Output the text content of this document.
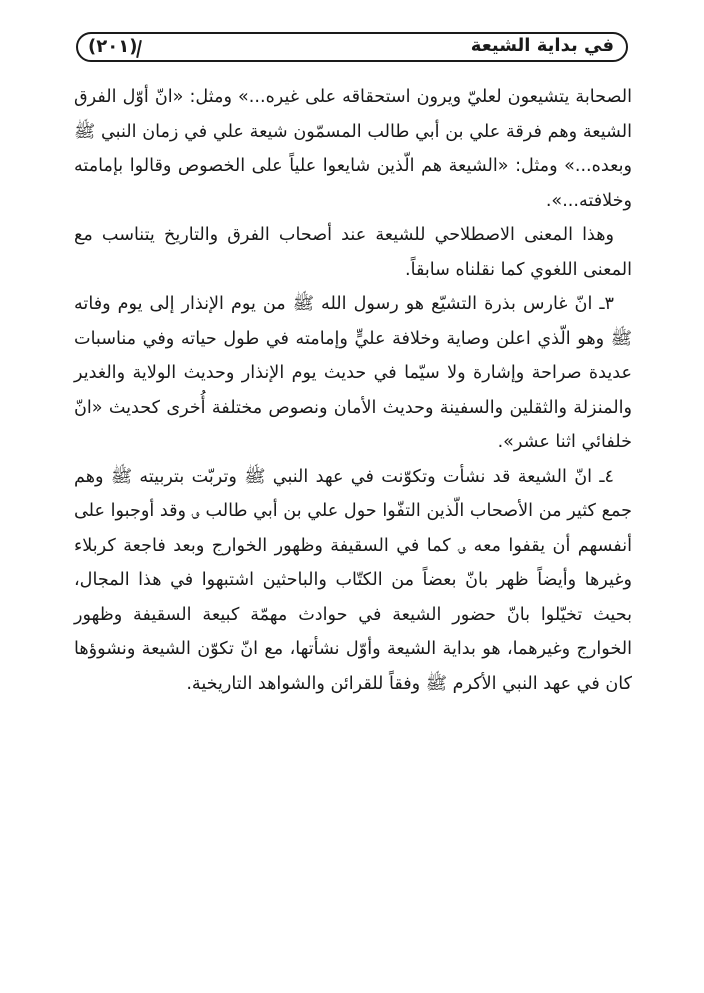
في بداية الشيعة
(٢٠١)

الصحابة يتشيعون لعليّ ويرون استحقاقه على غيره...» ومثل: «انّ أوّل الفرق الشيعة وهم فرقة علي بن أبي طالب المسمّون شيعة علي في زمان النبي ﷺ وبعده...» ومثل: «الشيعة هم الّذين شايعوا علياً على الخصوص وقالوا بإمامته وخلافته...».

وهذا المعنى الاصطلاحي للشيعة عند أصحاب الفرق والتاريخ يتناسب مع المعنى اللغوي كما نقلناه سابقاً.

٣ـ انّ غارس بذرة التشيّع هو رسول الله ﷺ من يوم الإنذار إلى يوم وفاته ﷺ وهو الّذي اعلن وصاية وخلافة عليٍّ وإمامته في طول حياته وفي مناسبات عديدة صراحة وإشارة ولا سيّما في حديث يوم الإنذار وحديث الولاية والغدير والمنزلة والثقلين والسفينة وحديث الأمان ونصوص مختلفة أُخرى كحديث «انّ خلفائي اثنا عشر».

٤ـ انّ الشيعة قد نشأت وتكوّنت في عهد النبي ﷺ وتربّت بتربيته ﷺ وهم جمع كثير من الأصحاب الّذين التفّوا حول علي بن أبي طالب ؈ وقد أوجبوا على أنفسهم أن يقفوا معه ؈ كما في السقيفة وظهور الخوارج وبعد فاجعة كربلاء وغيرها وأيضاً ظهر بانّ بعضاً من الكتّاب والباحثين اشتبهوا في هذا المجال، بحيث تخيّلوا بانّ حضور الشيعة في حوادث مهمّة كبيعة السقيفة وظهور الخوارج وغيرهما، هو بداية الشيعة وأوّل نشأتها، مع انّ تكوّن الشيعة ونشوؤها كان في عهد النبي الأكرم ﷺ وفقاً للقرائن والشواهد التاريخية.
